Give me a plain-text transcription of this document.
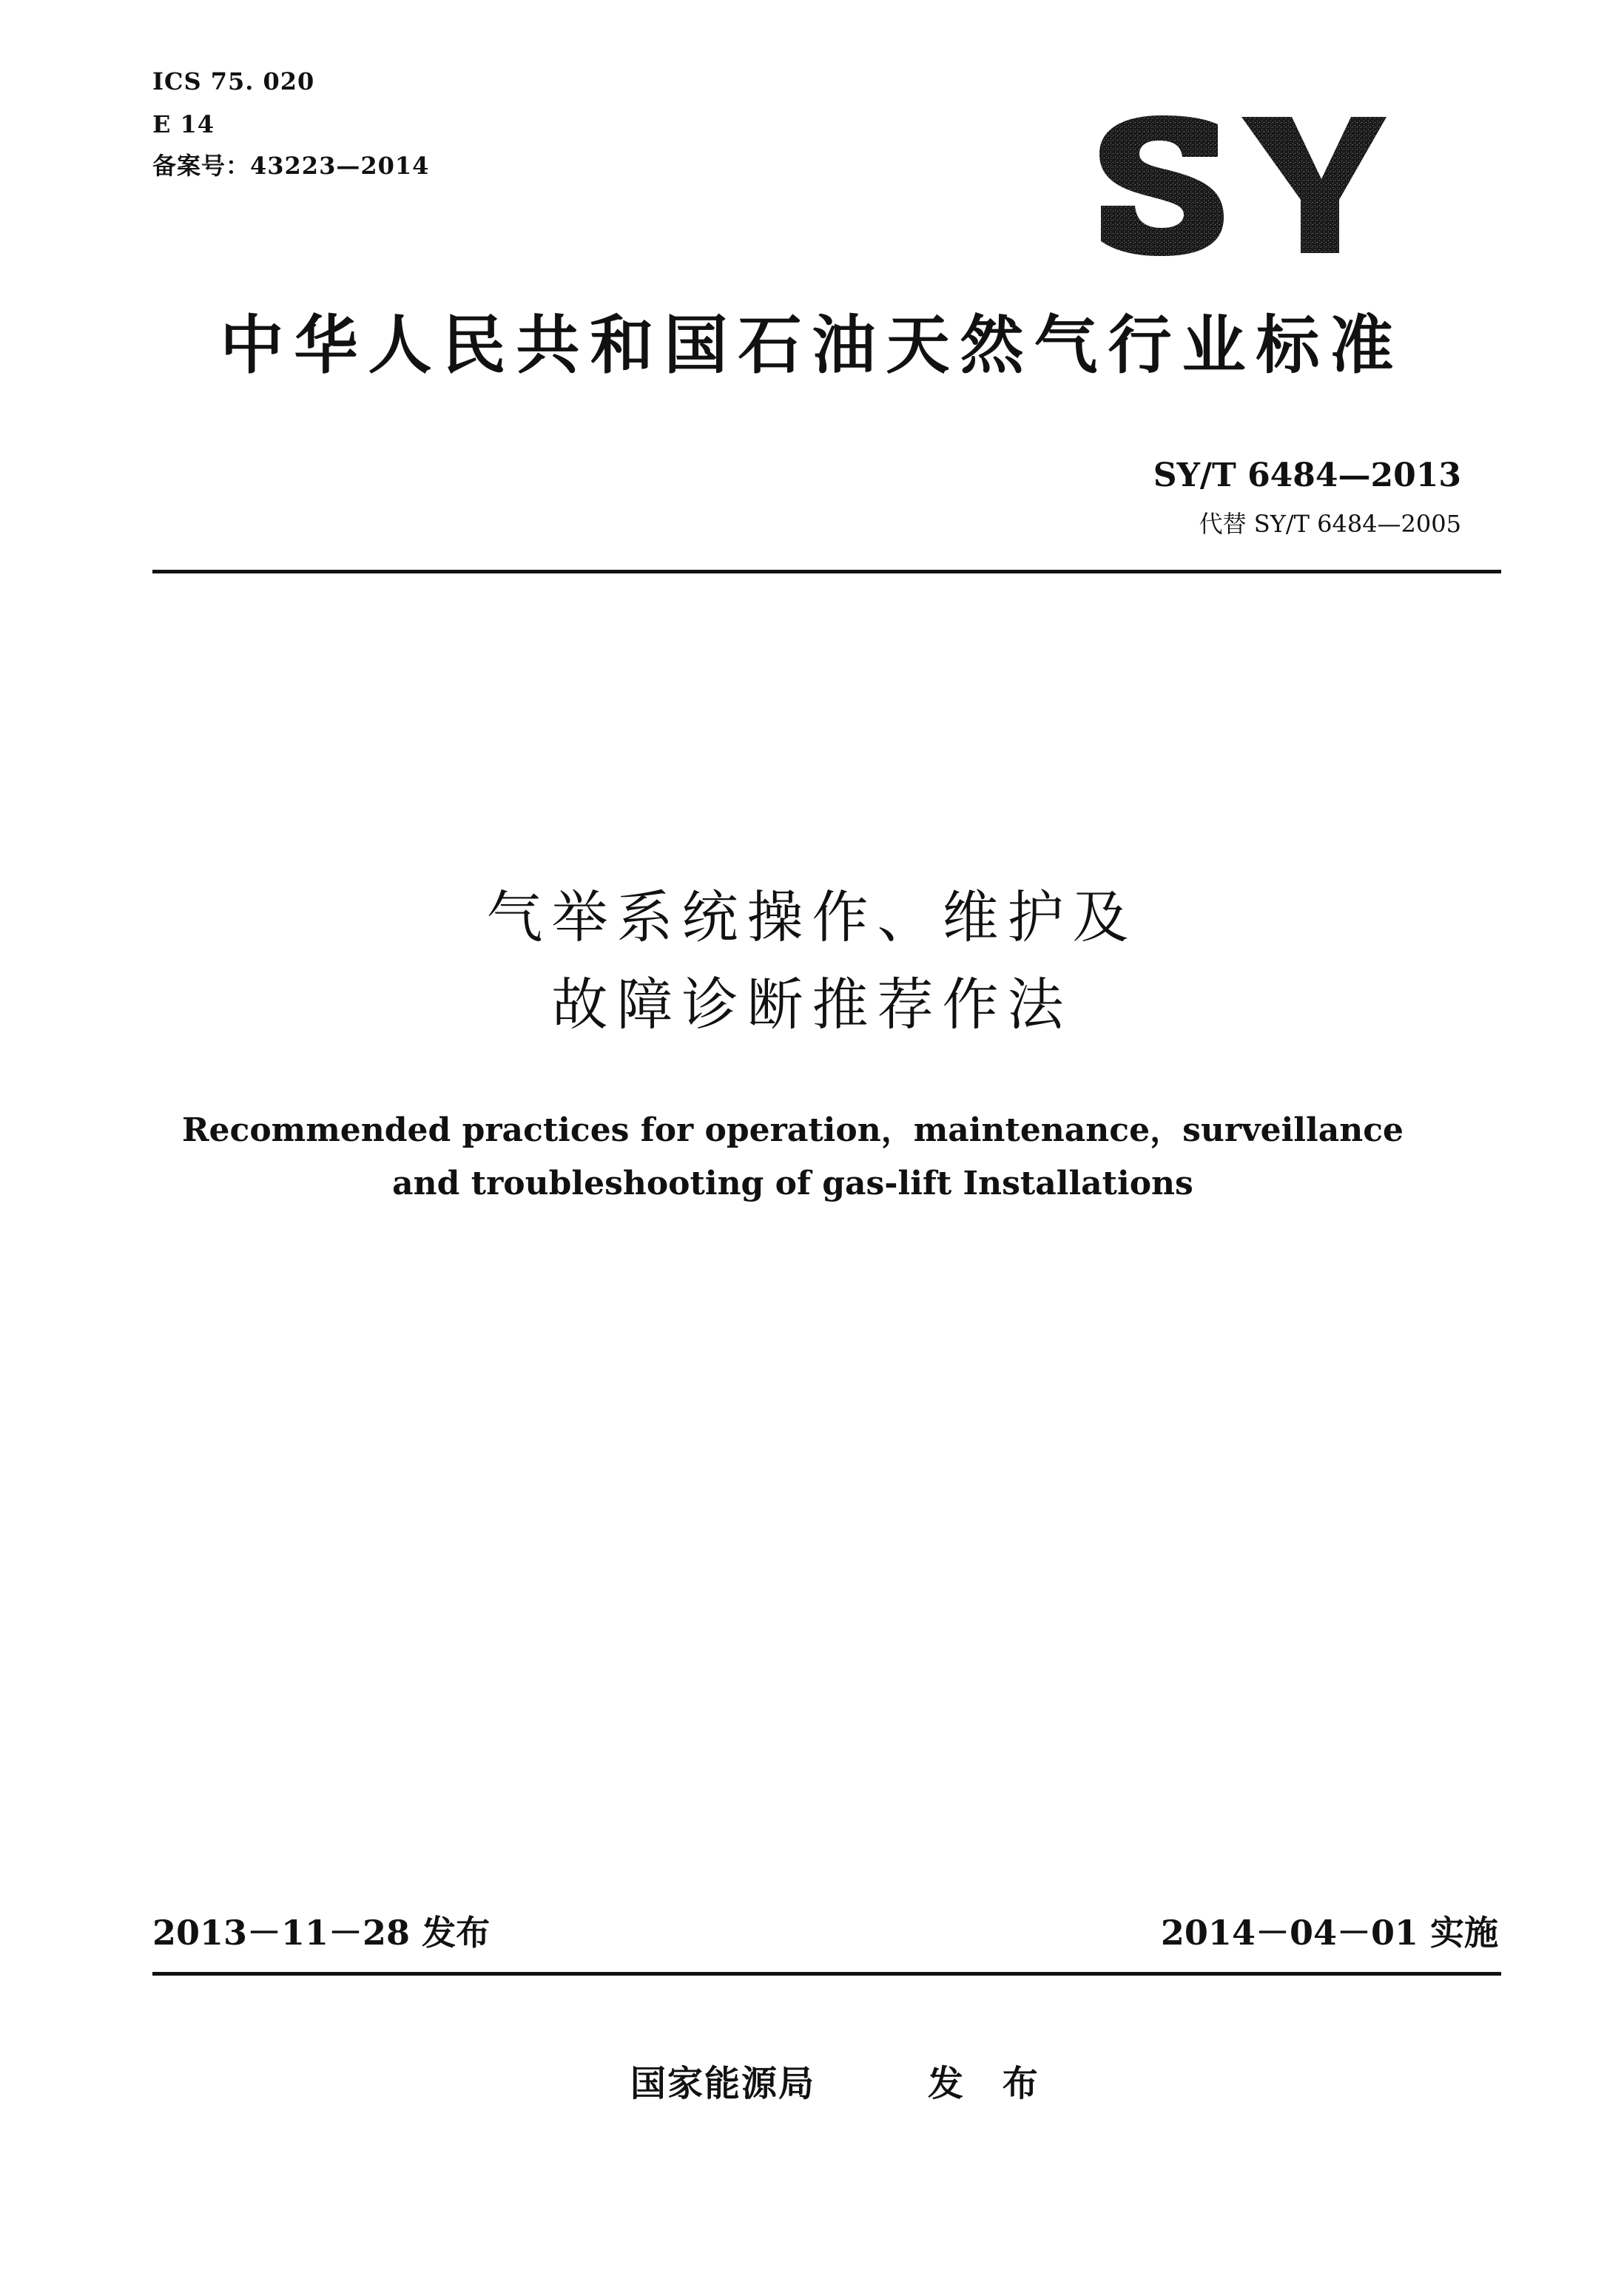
ICS 75. 020
E 14
备案号：43223—2014
中华人民共和国石油天然气行业标准
SY/T 6484—2013
代替 SY/T 6484—2005
气举系统操作、维护及
故障诊断推荐作法
Recommended practices for operation，maintenance，surveillance
and troubleshooting of gas-lift Installations
2013－11－28 发布	2014－04－01 实施
国家能源局	发 布
